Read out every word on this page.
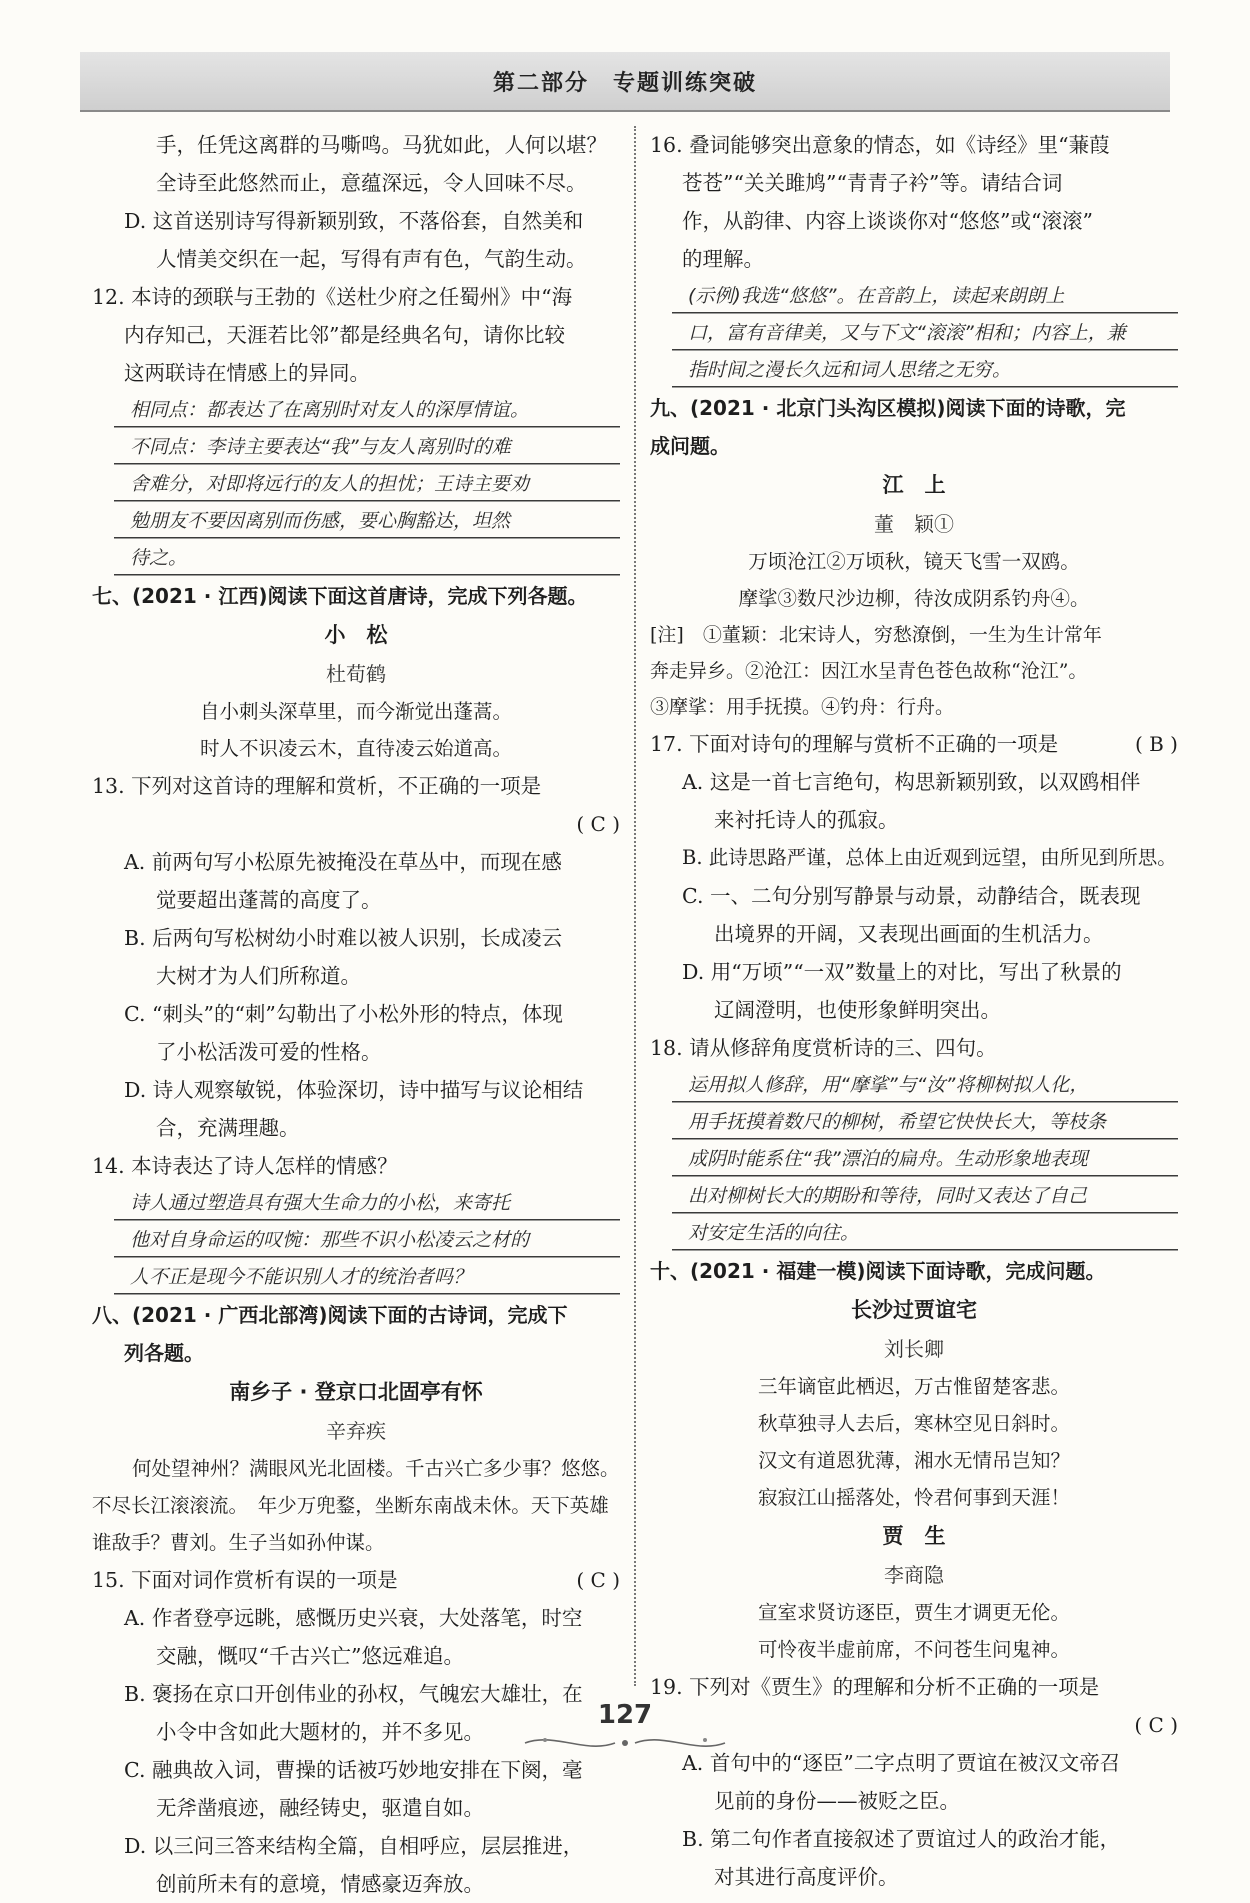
第二部分　专题训练突破
手，任凭这离群的马嘶鸣。马犹如此，人何以堪？
全诗至此悠然而止，意蕴深远，令人回味不尽。
D. 这首送别诗写得新颖别致，不落俗套，自然美和
人情美交织在一起，写得有声有色，气韵生动。
12. 本诗的颈联与王勃的《送杜少府之任蜀州》中“海
内存知己，天涯若比邻”都是经典名句，请你比较
这两联诗在情感上的异同。
相同点：都表达了在离别时对友人的深厚情谊。
不同点：李诗主要表达“我”与友人离别时的难
舍难分，对即将远行的友人的担忧；王诗主要劝
勉朋友不要因离别而伤感，要心胸豁达，坦然
待之。
七、(2021 · 江西)阅读下面这首唐诗，完成下列各题。
小　松
杜荀鹤
自小刺头深草里，而今渐觉出蓬蒿。
时人不识凌云木，直待凌云始道高。
13. 下列对这首诗的理解和赏析，不正确的一项是
( C )
A. 前两句写小松原先被掩没在草丛中，而现在感
觉要超出蓬蒿的高度了。
B. 后两句写松树幼小时难以被人识别，长成凌云
大树才为人们所称道。
C. “刺头”的“刺”勾勒出了小松外形的特点，体现
了小松活泼可爱的性格。
D. 诗人观察敏锐，体验深切，诗中描写与议论相结
合，充满理趣。
14. 本诗表达了诗人怎样的情感？
诗人通过塑造具有强大生命力的小松，来寄托
他对自身命运的叹惋：那些不识小松凌云之材的
人不正是现今不能识别人才的统治者吗？
八、(2021 · 广西北部湾)阅读下面的古诗词，完成下
列各题。
南乡子 · 登京口北固亭有怀
辛弃疾
何处望神州？满眼风光北固楼。千古兴亡多少事？悠悠。不尽长江滚滚流。　年少万兜鍪，坐断东南战未休。天下英雄谁敌手？曹刘。生子当如孙仲谋。
15. 下面对词作赏析有误的一项是	( C )
A. 作者登亭远眺，感慨历史兴衰，大处落笔，时空
交融，慨叹“千古兴亡”悠远难追。
B. 褒扬在京口开创伟业的孙权，气魄宏大雄壮，在
小令中含如此大题材的，并不多见。
C. 融典故入词，曹操的话被巧妙地安排在下阕，毫
无斧凿痕迹，融经铸史，驱遣自如。
D. 以三问三答来结构全篇，自相呼应，层层推进，
创前所未有的意境，情感豪迈奔放。
16. 叠词能够突出意象的情态，如《诗经》里“蒹葭
苍苍”“关关雎鸠”“青青子衿”等。请结合词
作，从韵律、内容上谈谈你对“悠悠”或“滚滚”
的理解。
(示例)我选“悠悠”。在音韵上，读起来朗朗上
口，富有音律美，又与下文“滚滚”相和；内容上，兼
指时间之漫长久远和词人思绪之无穷。
九、(2021 · 北京门头沟区模拟)阅读下面的诗歌，完
成问题。
江　上
董　颖①
万顷沧江②万顷秋，镜天飞雪一双鸥。
摩挲③数尺沙边柳，待汝成阴系钓舟④。
[注]　①董颖：北宋诗人，穷愁潦倒，一生为生计常年
奔走异乡。②沧江：因江水呈青色苍色故称“沧江”。
③摩挲：用手抚摸。④钓舟：行舟。
17. 下面对诗句的理解与赏析不正确的一项是	( B )
A. 这是一首七言绝句，构思新颖别致，以双鸥相伴
来衬托诗人的孤寂。
B. 此诗思路严谨，总体上由近观到远望，由所见到所思。
C. 一、二句分别写静景与动景，动静结合，既表现
出境界的开阔，又表现出画面的生机活力。
D. 用“万顷”“一双”数量上的对比，写出了秋景的
辽阔澄明，也使形象鲜明突出。
18. 请从修辞角度赏析诗的三、四句。
运用拟人修辞，用“摩挲”与“汝”将柳树拟人化，
用手抚摸着数尺的柳树，希望它快快长大，等枝条
成阴时能系住“我”漂泊的扁舟。生动形象地表现
出对柳树长大的期盼和等待，同时又表达了自己
对安定生活的向往。
十、(2021 · 福建一模)阅读下面诗歌，完成问题。
长沙过贾谊宅
刘长卿
三年谪宦此栖迟，万古惟留楚客悲。
秋草独寻人去后，寒林空见日斜时。
汉文有道恩犹薄，湘水无情吊岂知？
寂寂江山摇落处，怜君何事到天涯！
贾　生
李商隐
宣室求贤访逐臣，贾生才调更无伦。
可怜夜半虚前席，不问苍生问鬼神。
19. 下列对《贾生》的理解和分析不正确的一项是
( C )
A. 首句中的“逐臣”二字点明了贾谊在被汉文帝召
见前的身份——被贬之臣。
B. 第二句作者直接叙述了贾谊过人的政治才能，
对其进行高度评价。
127
